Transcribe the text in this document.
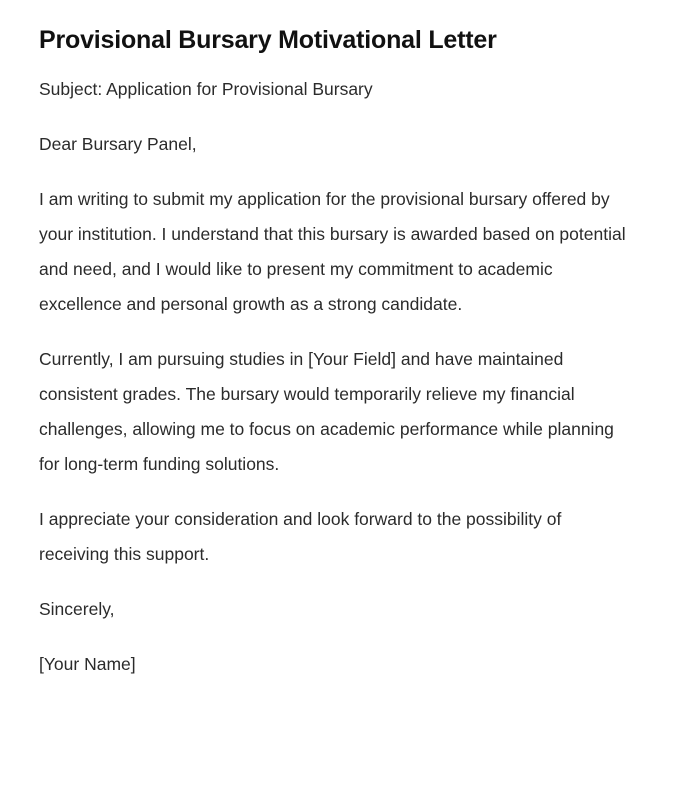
Provisional Bursary Motivational Letter

Subject: Application for Provisional Bursary

Dear Bursary Panel,

I am writing to submit my application for the provisional bursary offered by your institution. I understand that this bursary is awarded based on potential and need, and I would like to present my commitment to academic excellence and personal growth as a strong candidate.

Currently, I am pursuing studies in [Your Field] and have maintained consistent grades. The bursary would temporarily relieve my financial challenges, allowing me to focus on academic performance while planning for long-term funding solutions.

I appreciate your consideration and look forward to the possibility of receiving this support.

Sincerely,

[Your Name]
